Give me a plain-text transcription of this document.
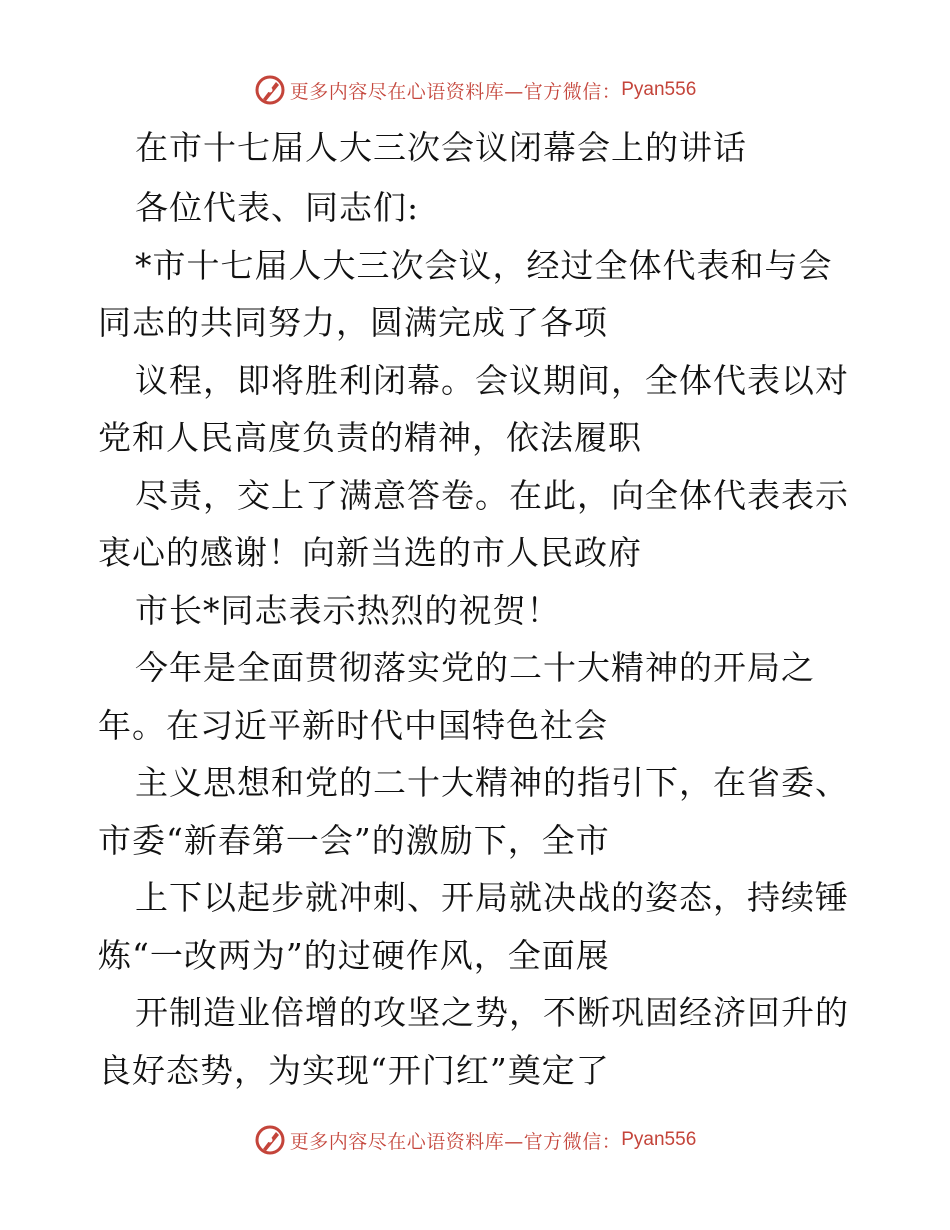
更多内容尽在心语资料库—官方微信： Pyan556
在市十七届人大三次会议闭幕会上的讲话
各位代表、同志们:
*市十七届人大三次会议，经过全体代表和与会
同志的共同努力，圆满完成了各项
议程，即将胜利闭幕。会议期间，全体代表以对
党和人民高度负责的精神，依法履职
尽责，交上了满意答卷。在此，向全体代表表示
衷心的感谢！向新当选的市人民政府
市长*同志表示热烈的祝贺！
今年是全面贯彻落实党的二十大精神的开局之
年。在习近平新时代中国特色社会
主义思想和党的二十大精神的指引下，在省委、
市委“新春第一会”的激励下，全市
上下以起步就冲刺、开局就决战的姿态，持续锤
炼“一改两为”的过硬作风，全面展
开制造业倍增的攻坚之势，不断巩固经济回升的
良好态势，为实现“开门红”奠定了
更多内容尽在心语资料库—官方微信： Pyan556
